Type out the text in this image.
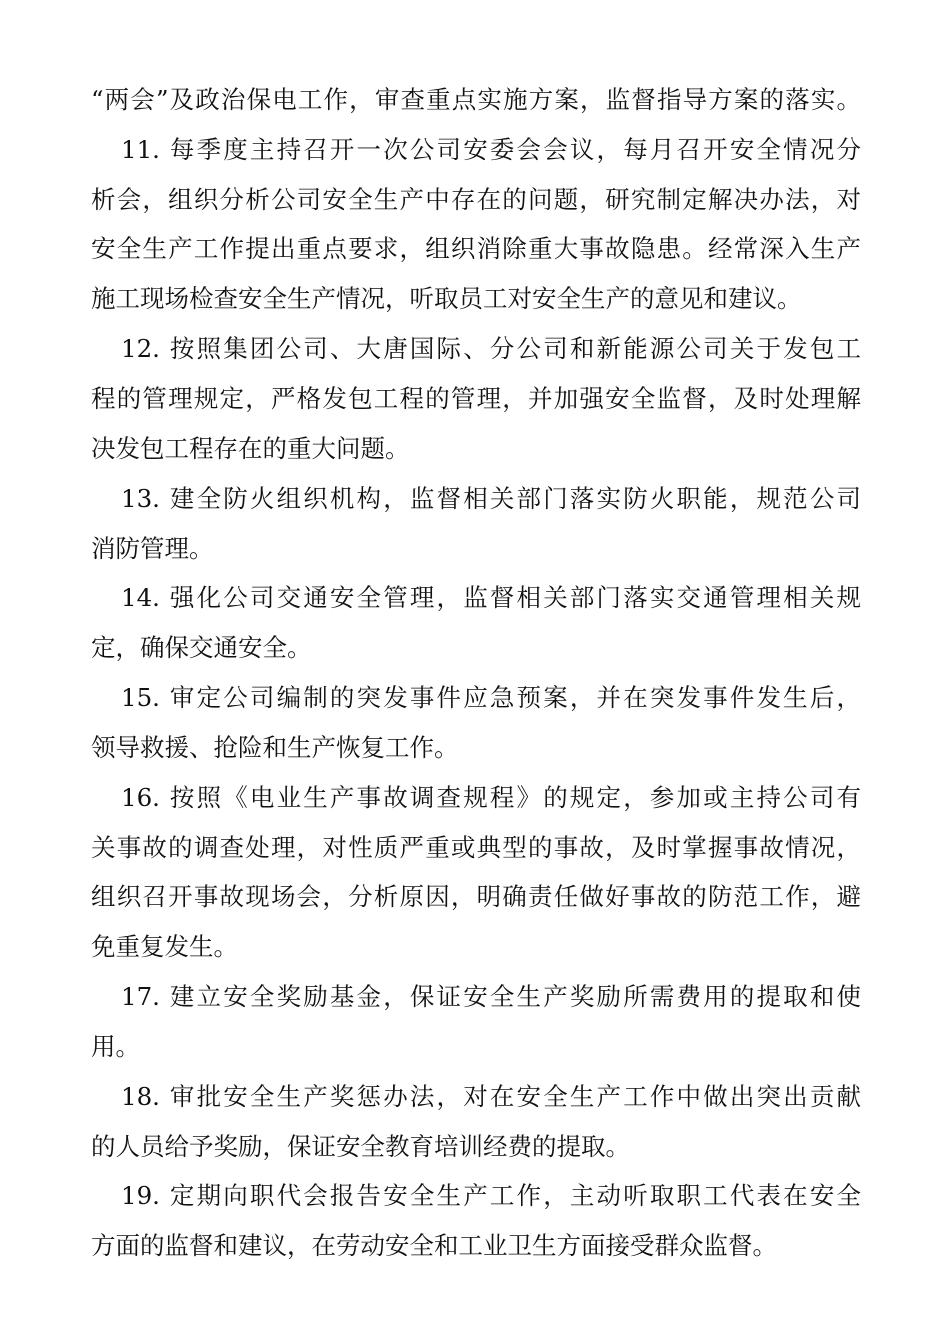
“两会”及政治保电工作，审查重点实施方案，监督指导方案的落实。
11. 每季度主持召开一次公司安委会会议，每月召开安全情况分
析会，组织分析公司安全生产中存在的问题，研究制定解决办法，对
安全生产工作提出重点要求，组织消除重大事故隐患。经常深入生产
施工现场检查安全生产情况，听取员工对安全生产的意见和建议。
12. 按照集团公司、大唐国际、分公司和新能源公司关于发包工
程的管理规定，严格发包工程的管理，并加强安全监督，及时处理解
决发包工程存在的重大问题。
13. 建全防火组织机构，监督相关部门落实防火职能，规范公司
消防管理。
14. 强化公司交通安全管理，监督相关部门落实交通管理相关规
定，确保交通安全。
15. 审定公司编制的突发事件应急预案，并在突发事件发生后，
领导救援、抢险和生产恢复工作。
16. 按照《电业生产事故调查规程》的规定，参加或主持公司有
关事故的调查处理，对性质严重或典型的事故，及时掌握事故情况，
组织召开事故现场会，分析原因，明确责任做好事故的防范工作，避
免重复发生。
17. 建立安全奖励基金，保证安全生产奖励所需费用的提取和使
用。
18. 审批安全生产奖惩办法，对在安全生产工作中做出突出贡献
的人员给予奖励，保证安全教育培训经费的提取。
19. 定期向职代会报告安全生产工作，主动听取职工代表在安全
方面的监督和建议，在劳动安全和工业卫生方面接受群众监督。
